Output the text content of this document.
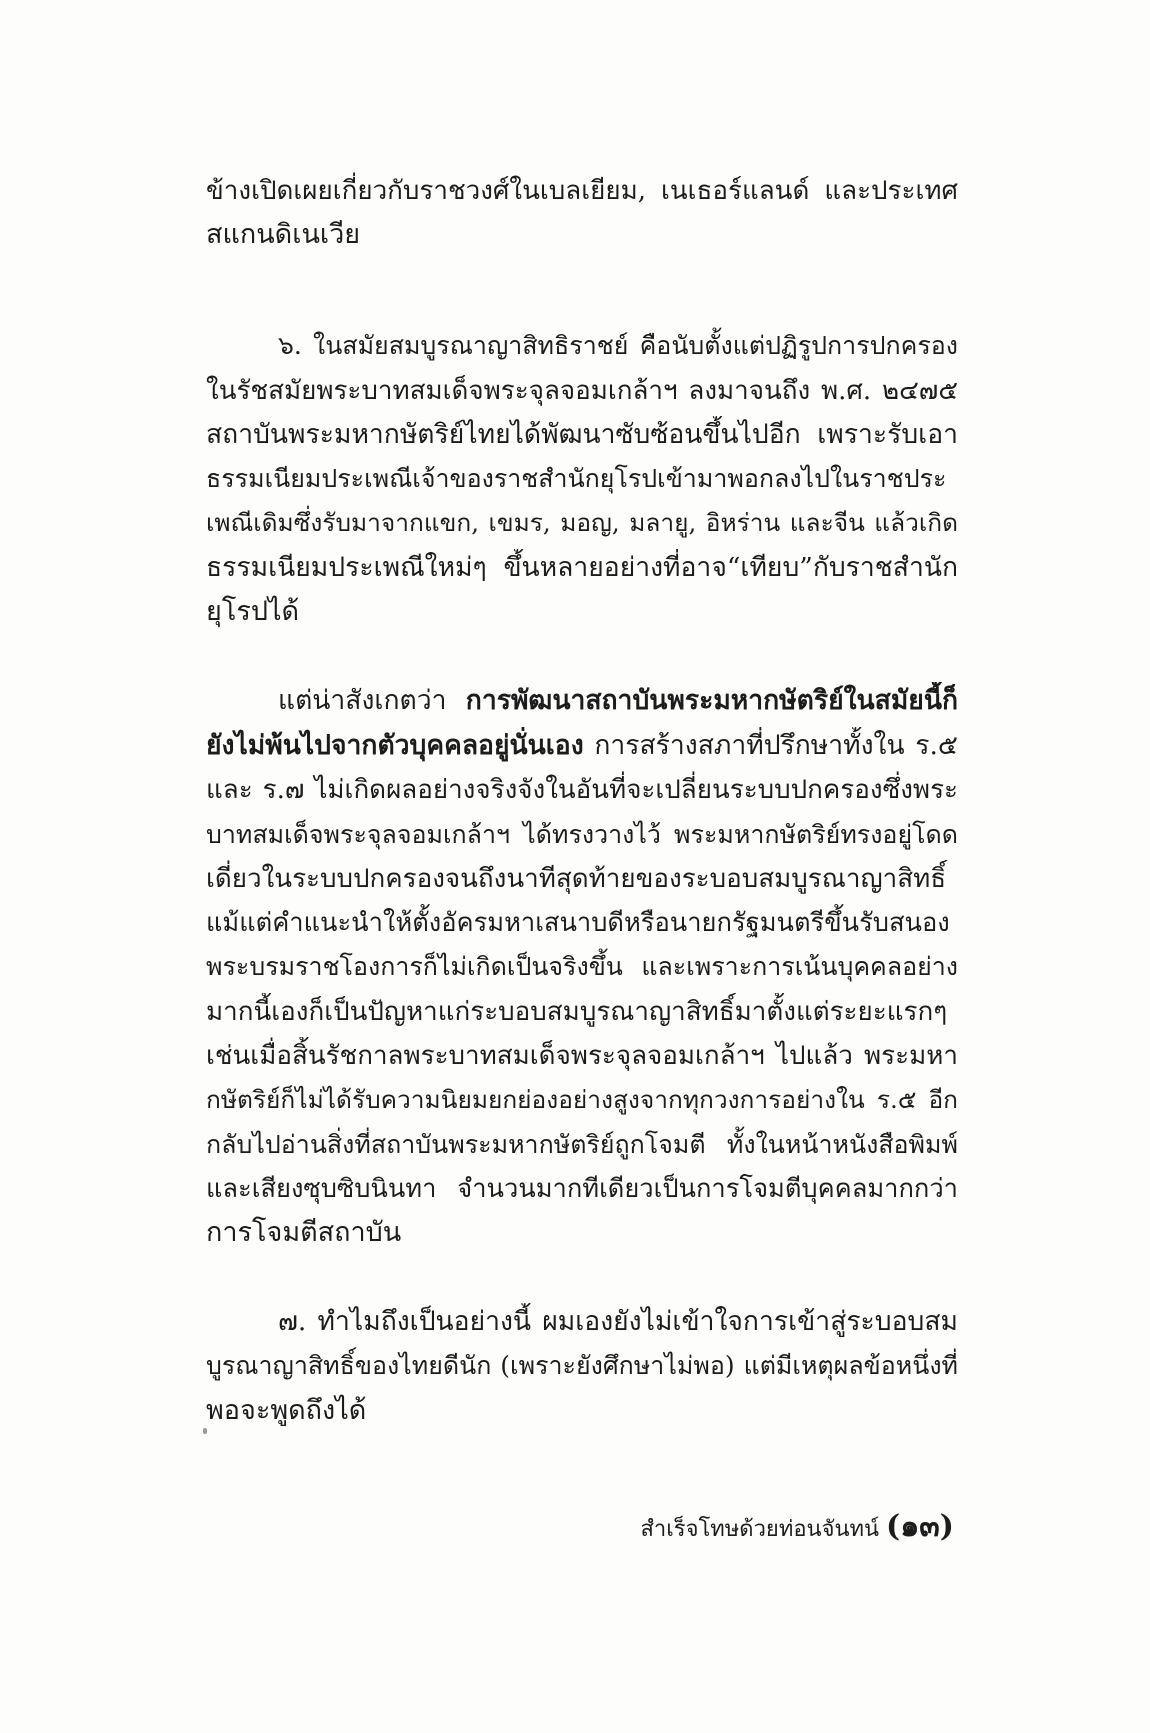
ข้างเปิดเผยเกี่ยวกับราชวงศ์ในเบลเยียม, เนเธอร์แลนด์ และประเทศ
สแกนดิเนเวีย
๖. ในสมัยสมบูรณาญาสิทธิราชย์ คือนับตั้งแต่ปฏิรูปการปกครอง
ในรัชสมัยพระบาทสมเด็จพระจุลจอมเกล้าฯ ลงมาจนถึง พ.ศ. ๒๔๗๕
สถาบันพระมหากษัตริย์ไทยได้พัฒนาซับซ้อนขึ้นไปอีก เพราะรับเอา
ธรรมเนียมประเพณีเจ้าของราชสำนักยุโรปเข้ามาพอกลงไปในราชประ
เพณีเดิมซึ่งรับมาจากแขก, เขมร, มอญ, มลายู, อิหร่าน และจีน แล้วเกิด
ธรรมเนียมประเพณีใหม่ๆ ขึ้นหลายอย่างที่อาจ“เทียบ”กับราชสำนัก
ยุโรปได้
แต่น่าสังเกตว่า การพัฒนาสถาบันพระมหากษัตริย์ในสมัยนี้ก็
ยังไม่พ้นไปจากตัวบุคคลอยู่นั่นเอง การสร้างสภาที่ปรึกษาทั้งใน ร.๕
และ ร.๗ ไม่เกิดผลอย่างจริงจังในอันที่จะเปลี่ยนระบบปกครองซึ่งพระ
บาทสมเด็จพระจุลจอมเกล้าฯ ได้ทรงวางไว้ พระมหากษัตริย์ทรงอยู่โดด
เดี่ยวในระบบปกครองจนถึงนาทีสุดท้ายของระบอบสมบูรณาญาสิทธิ์
แม้แต่คำแนะนำให้ตั้งอัครมหาเสนาบดีหรือนายกรัฐมนตรีขึ้นรับสนอง
พระบรมราชโองการก็ไม่เกิดเป็นจริงขึ้น และเพราะการเน้นบุคคลอย่าง
มากนี้เองก็เป็นปัญหาแก่ระบอบสมบูรณาญาสิทธิ์มาตั้งแต่ระยะแรกๆ
เช่นเมื่อสิ้นรัชกาลพระบาทสมเด็จพระจุลจอมเกล้าฯ ไปแล้ว พระมหา
กษัตริย์ก็ไม่ได้รับความนิยมยกย่องอย่างสูงจากทุกวงการอย่างใน ร.๕ อีก
กลับไปอ่านสิ่งที่สถาบันพระมหากษัตริย์ถูกโจมตี ทั้งในหน้าหนังสือพิมพ์
และเสียงซุบซิบนินทา จำนวนมากทีเดียวเป็นการโจมตีบุคคลมากกว่า
การโจมตีสถาบัน
๗. ทำไมถึงเป็นอย่างนี้ ผมเองยังไม่เข้าใจการเข้าสู่ระบอบสม
บูรณาญาสิทธิ์ของไทยดีนัก (เพราะยังศึกษาไม่พอ) แต่มีเหตุผลข้อหนึ่งที่
พอจะพูดถึงได้
สำเร็จโทษด้วยท่อนจันทน์ (๑๓)
